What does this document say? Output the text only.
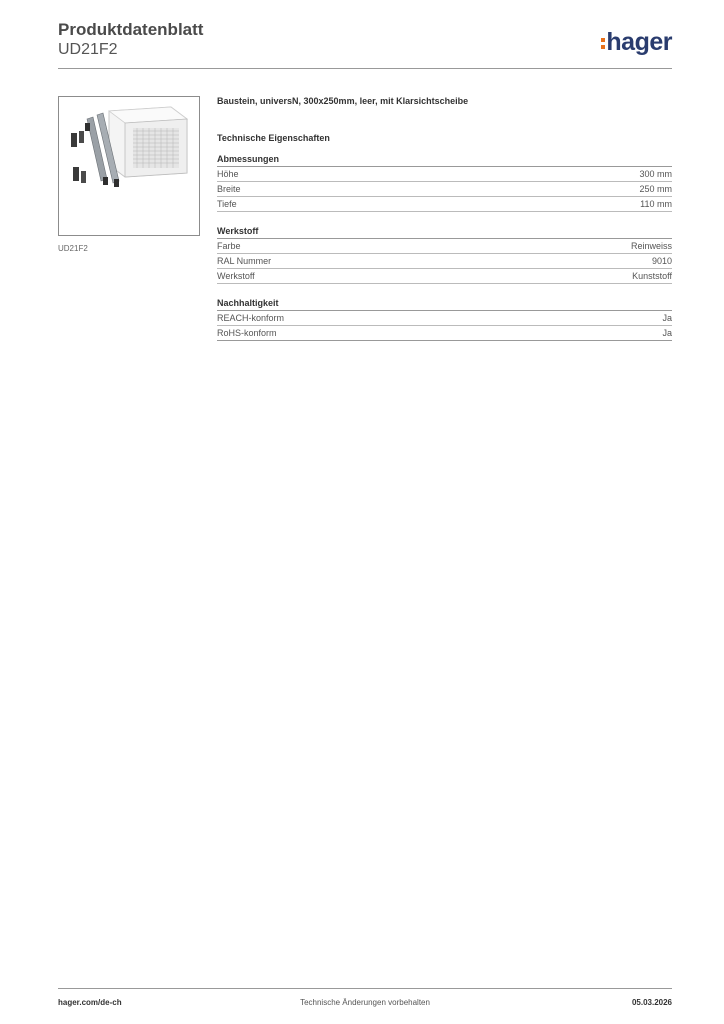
Produktdatenblatt
UD21F2	hager
UD21F2
Baustein, universN, 300x250mm, leer, mit Klarsichtscheibe
Technische Eigenschaften
Abmessungen
Höhe	300 mm
Breite	250 mm
Tiefe	110 mm
Werkstoff
Farbe	Reinweiss
RAL Nummer	9010
Werkstoff	Kunststoff
Nachhaltigkeit
REACH-konform	Ja
RoHS-konform	Ja
hager.com/de-ch	Technische Änderungen vorbehalten	05.03.2026
